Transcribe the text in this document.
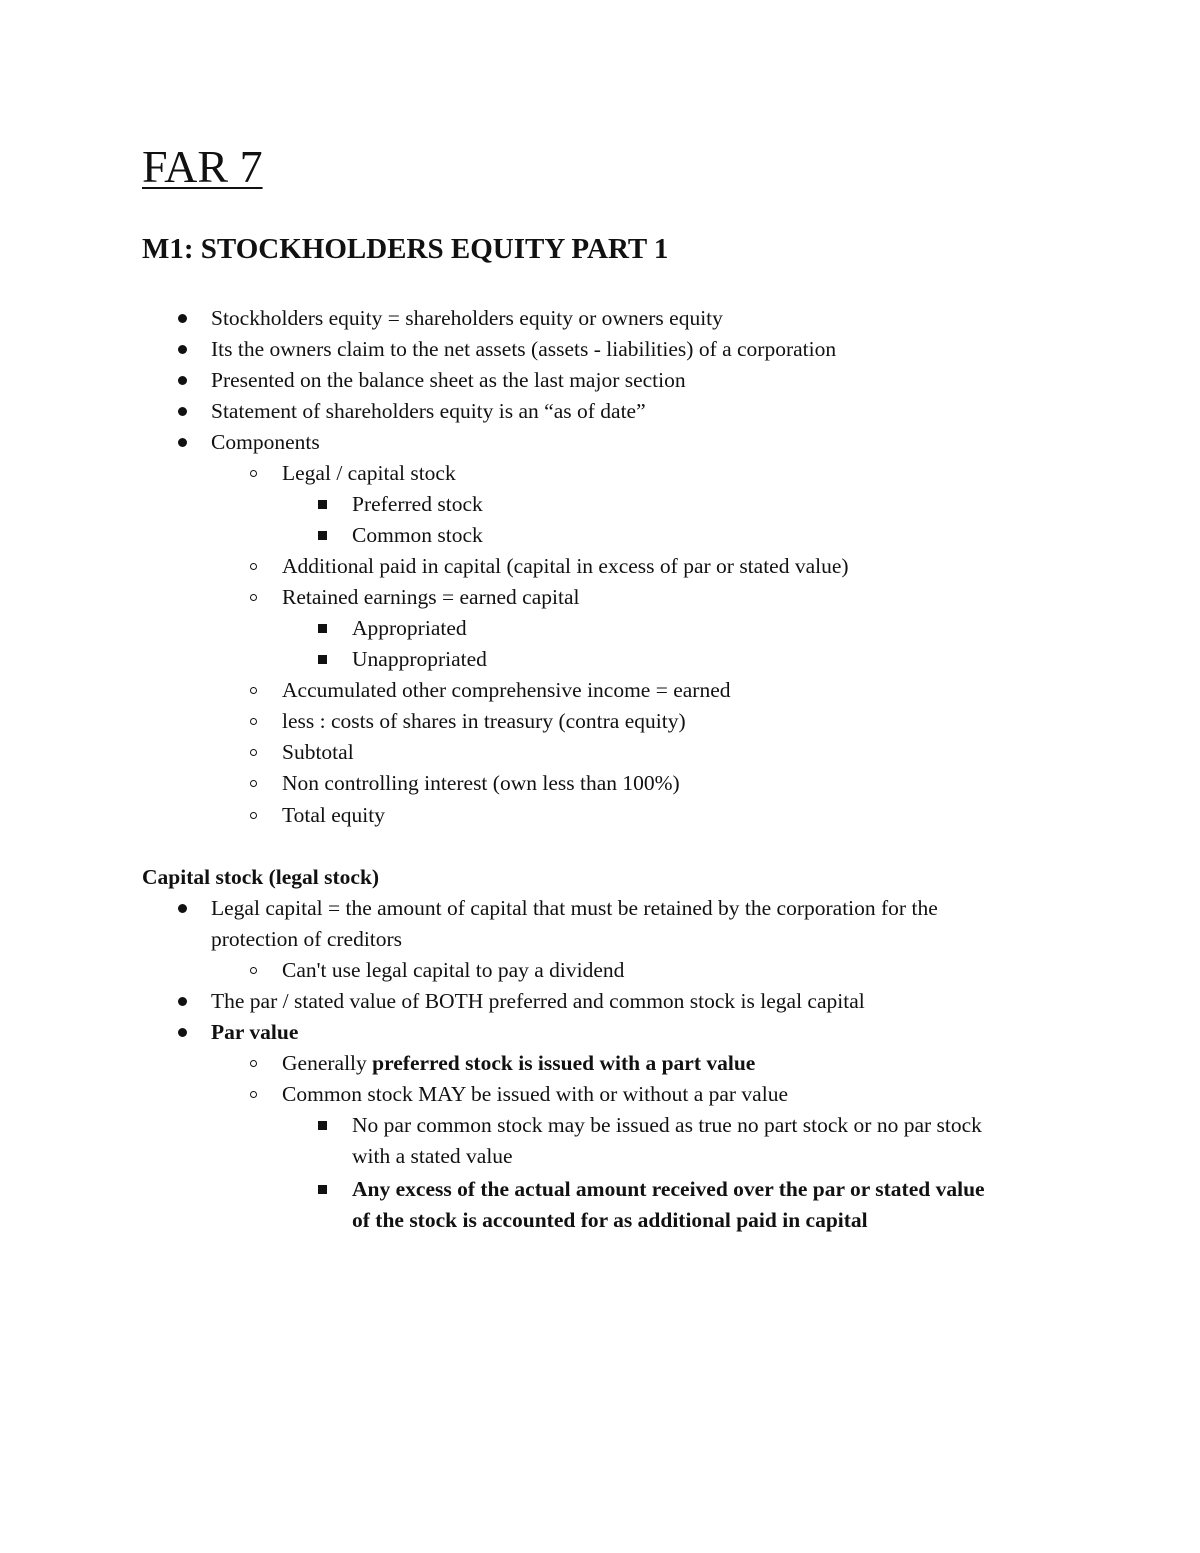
FAR 7
M1: STOCKHOLDERS EQUITY PART 1
Stockholders equity = shareholders equity or owners equity
Its the owners claim to the net assets (assets - liabilities) of a corporation
Presented on the balance sheet as the last major section
Statement of shareholders equity is an “as of date”
Components
Legal / capital stock
Preferred stock
Common stock
Additional paid in capital (capital in excess of par or stated value)
Retained earnings = earned capital
Appropriated
Unappropriated
Accumulated other comprehensive income = earned
less : costs of shares in treasury (contra equity)
Subtotal
Non controlling interest (own less than 100%)
Total equity
Capital stock (legal stock)
Legal capital = the amount of capital that must be retained by the corporation for the
protection of creditors
Can't use legal capital to pay a dividend
The par / stated value of BOTH preferred and common stock is legal capital
Par value
Generally preferred stock is issued with a part value
Common stock MAY be issued with or without a par value
No par common stock may be issued as true no part stock or no par stock
with a stated value
Any excess of the actual amount received over the par or stated value
of the stock is accounted for as additional paid in capital
